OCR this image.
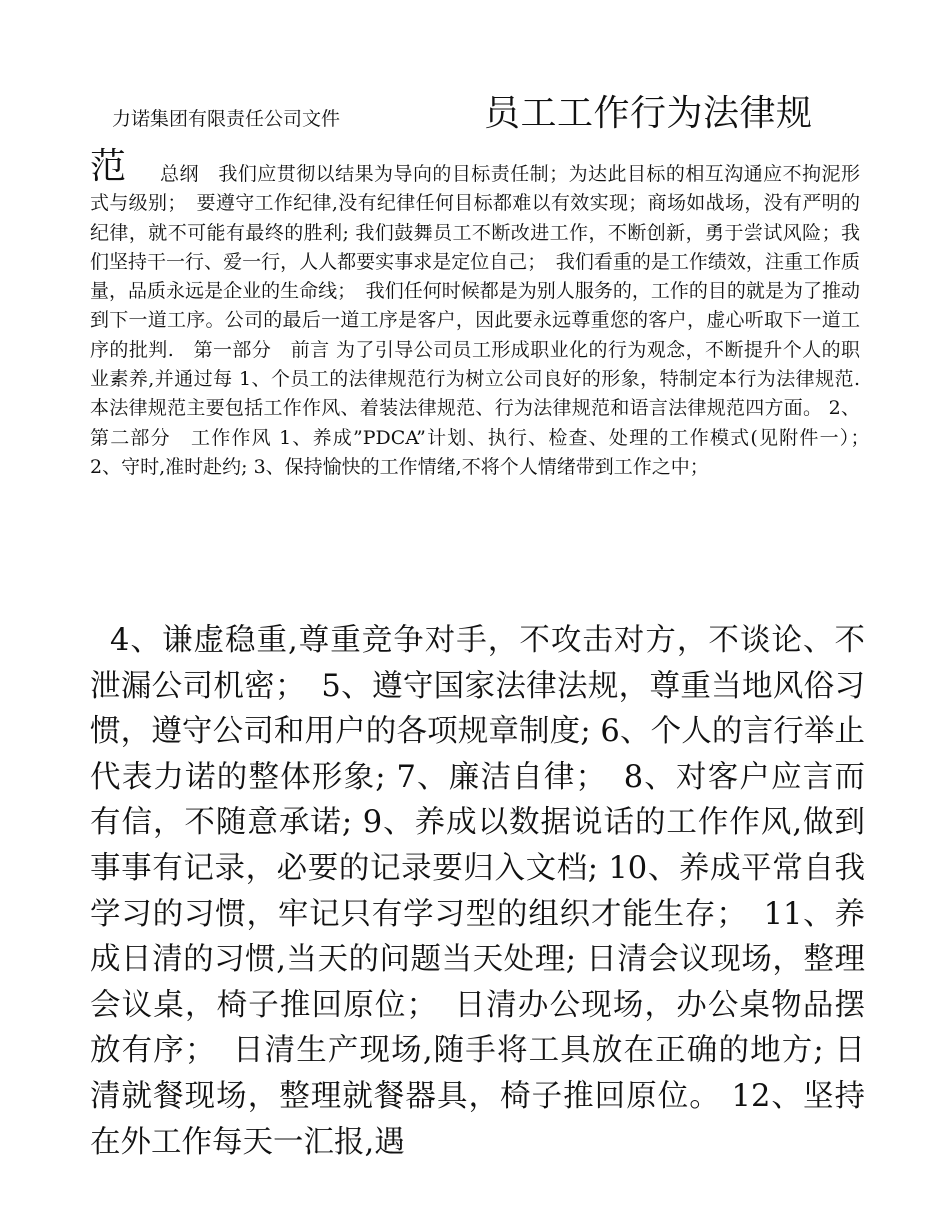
力诺集团有限责任公司文件	员工工作行为法律规
范	总纲　我们应贯彻以结果为导向的目标责任制；为达此目标的相互沟通应不拘泥形式与级别；　要遵守工作纪律,没有纪律任何目标都难以有效实现；商场如战场，没有严明的纪律，就不可能有最终的胜利; 我们鼓舞员工不断改进工作，不断创新，勇于尝试风险；我们坚持干一行、爱一行，人人都要实事求是定位自己；　我们看重的是工作绩效，注重工作质量，品质永远是企业的生命线；　我们任何时候都是为别人服务的，工作的目的就是为了推动到下一道工序。公司的最后一道工序是客户，因此要永远尊重您的客户，虚心听取下一道工序的批判.　第一部分　前言 为了引导公司员工形成职业化的行为观念，不断提升个人的职业素养,并通过每 1、个员工的法律规范行为树立公司良好的形象，特制定本行为法律规范. 本法律规范主要包括工作作风、着装法律规范、行为法律规范和语言法律规范四方面。 2、第二部分　工作作风 1、养成”PDCA”计划、执行、检查、处理的工作模式(见附件一）；　2、守时,准时赴约; 3、保持愉快的工作情绪,不将个人情绪带到工作之中；
4、谦虚稳重,尊重竞争对手，不攻击对方，不谈论、不泄漏公司机密；　5、遵守国家法律法规，尊重当地风俗习惯，遵守公司和用户的各项规章制度; 6、个人的言行举止代表力诺的整体形象; 7、廉洁自律；　8、对客户应言而有信，不随意承诺; 9、养成以数据说话的工作作风,做到事事有记录，必要的记录要归入文档; 10、养成平常自我学习的习惯，牢记只有学习型的组织才能生存；　11、养成日清的习惯,当天的问题当天处理; 日清会议现场，整理会议桌，椅子推回原位；　日清办公现场，办公桌物品摆放有序；　日清生产现场,随手将工具放在正确的地方; 日清就餐现场，整理就餐器具，椅子推回原位。 12、坚持在外工作每天一汇报,遇
